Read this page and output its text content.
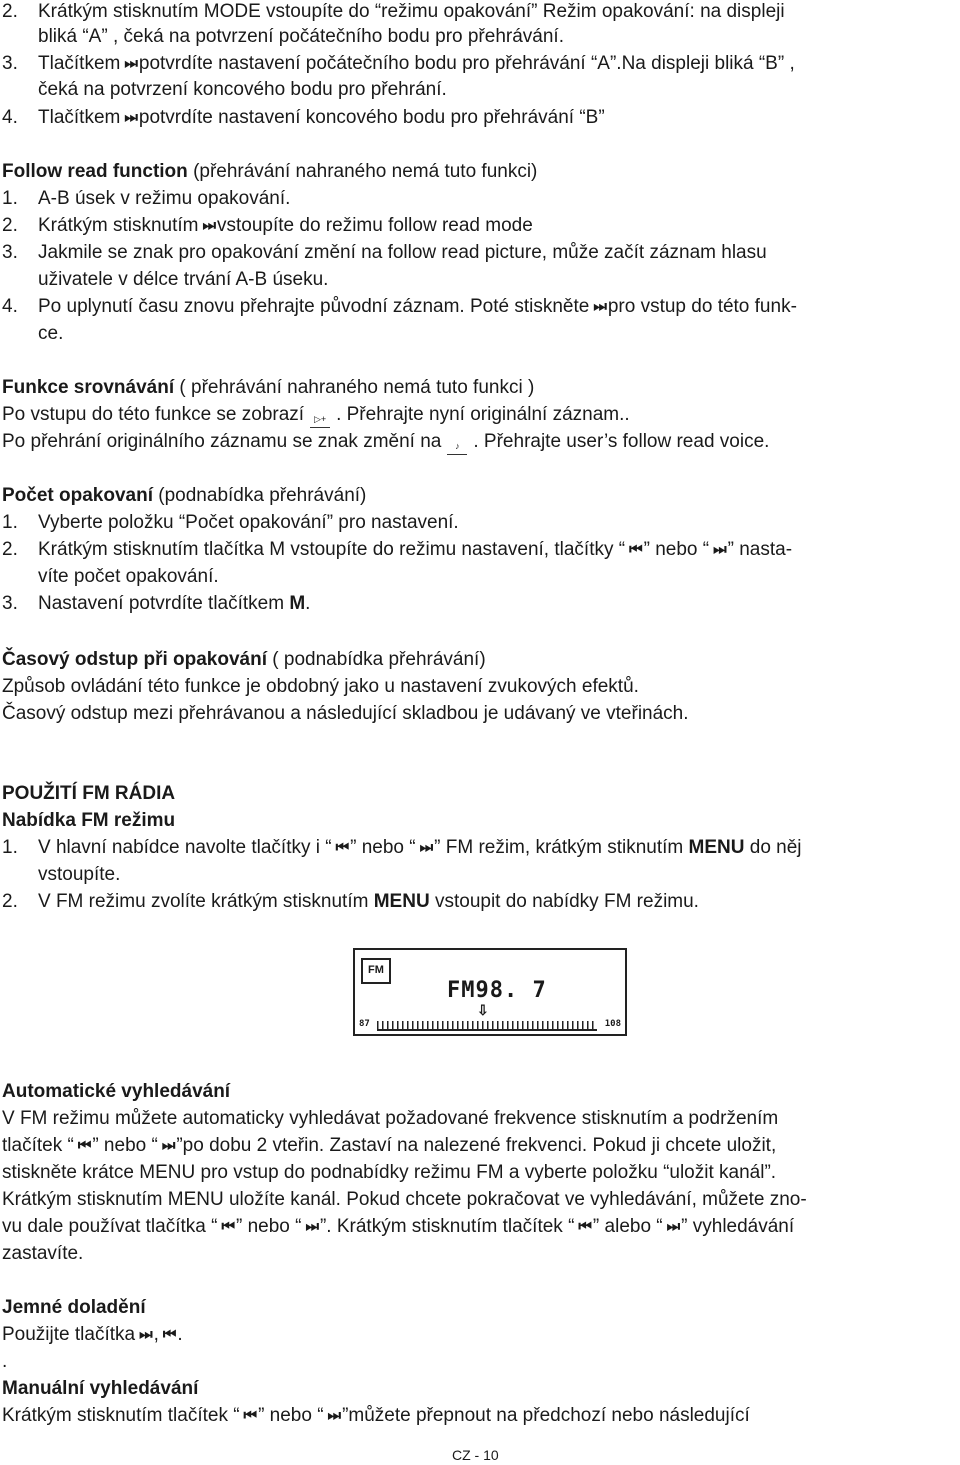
2. Krátkým stisknutím MODE vstoupíte do “režimu opakování” Režim opakování: na displeji
bliká “A” , čeká na potvrzení počátečního bodu pro přehrávání.
3. Tlačítkem ⏭ potvrdíte nastavení počátečního bodu pro přehrávání “A”.Na displeji bliká “B” ,
čeká na potvrzení koncového bodu pro přehrání.
4. Tlačítkem ⏭ potvrdíte nastavení koncového bodu pro přehrávání “B”
Follow read function (přehrávání nahraného nemá tuto funkci)
1. A-B úsek v režimu opakování.
2. Krátkým stisknutím ⏭ vstoupíte do režimu follow read mode
3. Jakmile se znak pro opakování změní na follow read picture, může začít záznam hlasu
uživatele v délce trvání A-B úseku.
4. Po uplynutí času znovu přehrajte původní záznam. Poté stiskněte ⏭ pro vstup do této funk-
ce.
Funkce srovnávání ( přehrávání nahraného nemá tuto funkci )
Po vstupu do této funkce se zobrazí ▷+ . Přehrajte nyní originální záznam..
Po přehrání originálního záznamu se znak změní na ♪ . Přehrajte user’s follow read voice.
Počet opakovaní (podnabídka přehrávání)
1. Vyberte položku “Počet opakování” pro nastavení.
2. Krátkým stisknutím tlačítka M vstoupíte do režimu nastavení, tlačítky “ ⏮ ” nebo “ ⏭ ” nasta-
víte počet opakování.
3. Nastavení potvrdíte tlačítkem M.
Časový odstup při opakování ( podnabídka přehrávání)
Způsob ovládání této funkce je obdobný jako u nastavení zvukových efektů.
Časový odstup mezi přehrávanou a následující skladbou je udávaný ve vteřinách.
POUŽITÍ FM RÁDIA
Nabídka FM režimu
1. V hlavní nabídce navolte tlačítky i “ ⏮ ” nebo “ ⏭ ” FM režim, krátkým stiknutím MENU do něj
vstoupíte.
2. V FM režimu zvolíte krátkým stisknutím MENU vstoupit do nabídky FM režimu.
FM
FM98. 7
⇩
87	108
Automatické vyhledávání
V FM režimu můžete automaticky vyhledávat požadované frekvence stisknutím a podržením
tlačítek “ ⏮ ” nebo “ ⏭ ”po dobu 2 vteřin. Zastaví na nalezené frekvenci. Pokud ji chcete uložit,
stiskněte krátce MENU pro vstup do podnabídky režimu FM a vyberte položku “uložit kanál”.
Krátkým stisknutím MENU uložíte kanál. Pokud chcete pokračovat ve vyhledávání, můžete zno-
vu dale používat tlačítka “ ⏮ ” nebo “ ⏭ ”. Krátkým stisknutím tlačítek “ ⏮ ” alebo “ ⏭ ” vyhledávání
zastavíte.
Jemné doladění
Použijte tlačítka ⏭ , ⏮ .
.
Manuální vyhledávání
Krátkým stisknutím tlačítek “ ⏮ ” nebo “ ⏭ ”můžete přepnout na předchozí nebo následující
CZ - 10
